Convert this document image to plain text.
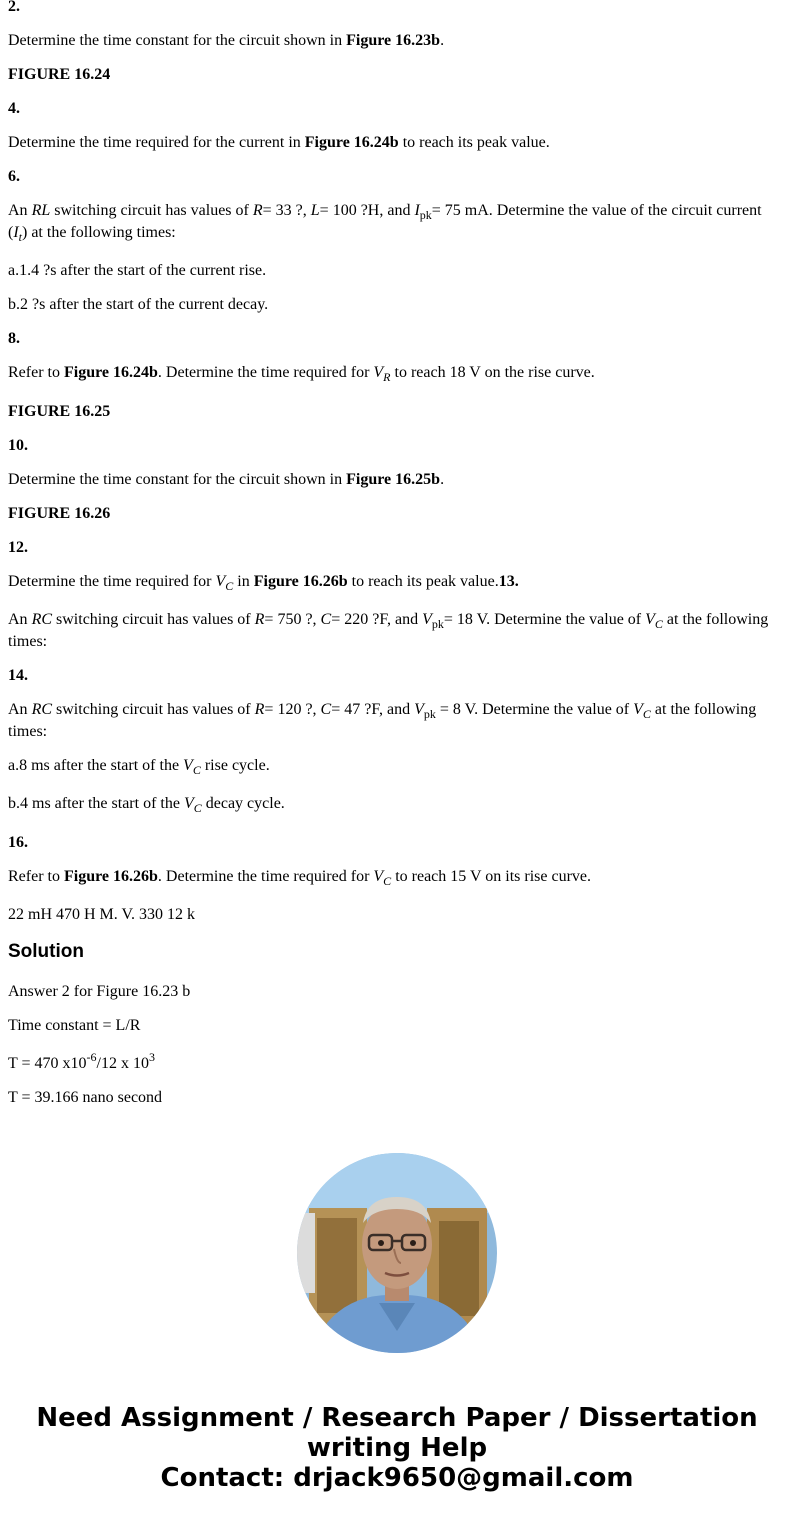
2.

Determine the time constant for the circuit shown in Figure 16.23b.

FIGURE 16.24

4.

Determine the time required for the current in Figure 16.24b to reach its peak value.

6.

An RL switching circuit has values of R= 33 ?, L= 100 ?H, and $I_{pk}= 75$ mA. Determine the value of the circuit current $(I_t)$ at the following times:

a.1.4 ?s after the start of the current rise.

b.2 ?s after the start of the current decay.

8.

Refer to Figure 16.24b. Determine the time required for $V_R$ to reach 18 V on the rise curve.

FIGURE 16.25

10.

Determine the time constant for the circuit shown in Figure 16.25b.

FIGURE 16.26

12.

Determine the time required for $V_C$ in Figure 16.26b to reach its peak value.13.

An RC switching circuit has values of R= 750 ?, C= 220 ?F, and $V_{pk}= 18$ V. Determine the value of $V_C$ at the following times:

14.

An RC switching circuit has values of R= 120 ?, C= 47 ?F, and $V_{pk} = 8$ V. Determine the value of $V_C$ at the following times:

a.8 ms after the start of the $V_C$ rise cycle.

b.4 ms after the start of the $V_C$ decay cycle.

16.

Refer to Figure 16.26b. Determine the time required for $V_C$ to reach 15 V on its rise curve.

22 mH 470 H M. V. 330 12 k

Solution

Answer 2 for Figure 16.23 b

Time constant = L/R

T = 470 $x10^{-6}/12$ x $10^3$

T = 39.166 nano second

Need Assignment / Research Paper / Dissertation
writing Help
Contact: drjack9650@gmail.com
